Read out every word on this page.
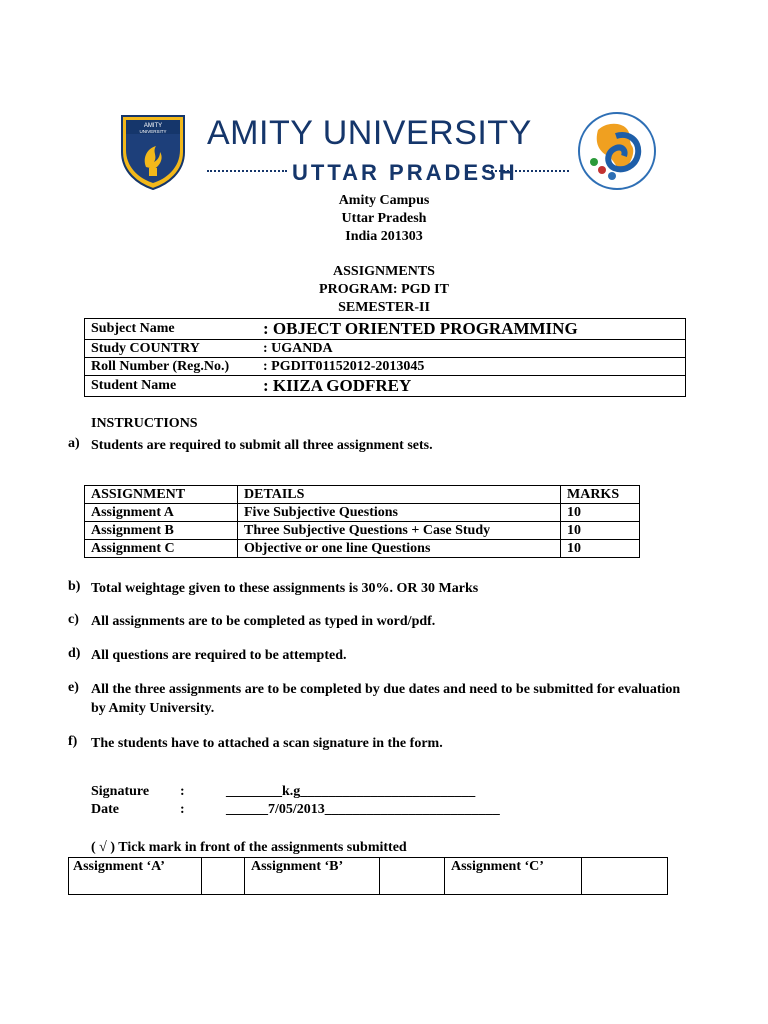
AMITY
UNIVERSITY AMITY UNIVERSITY
UTTAR PRADESH
Amity Campus
Uttar Pradesh
India 201303
ASSIGNMENTS
PROGRAM: PGD IT
SEMESTER-II
Subject Name	: OBJECT ORIENTED PROGRAMMING
Study COUNTRY	: UGANDA
Roll Number (Reg.No.)	: PGDIT01152012-2013045
Student Name	: KIIZA GODFREY
INSTRUCTIONS
a) Students are required to submit all three assignment sets.
ASSIGNMENT	DETAILS	MARKS
Assignment A	Five Subjective Questions	10
Assignment B	Three Subjective Questions + Case Study	10
Assignment C	Objective or one line Questions	10
b) Total weightage given to these assignments is 30%. OR 30 Marks
c) All assignments are to be completed as typed in word/pdf.
d) All questions are required to be attempted.
e) All the three assignments are to be completed by due dates and need to be submitted for evaluation by Amity University.
f) The students have to attached a scan signature in the form.
Signature :	________k.g_________________________
Date	:	______7/05/2013_________________________
( √ ) Tick mark in front of the assignments submitted
Assignment ‘A’		Assignment ‘B’		Assignment ‘C’	
